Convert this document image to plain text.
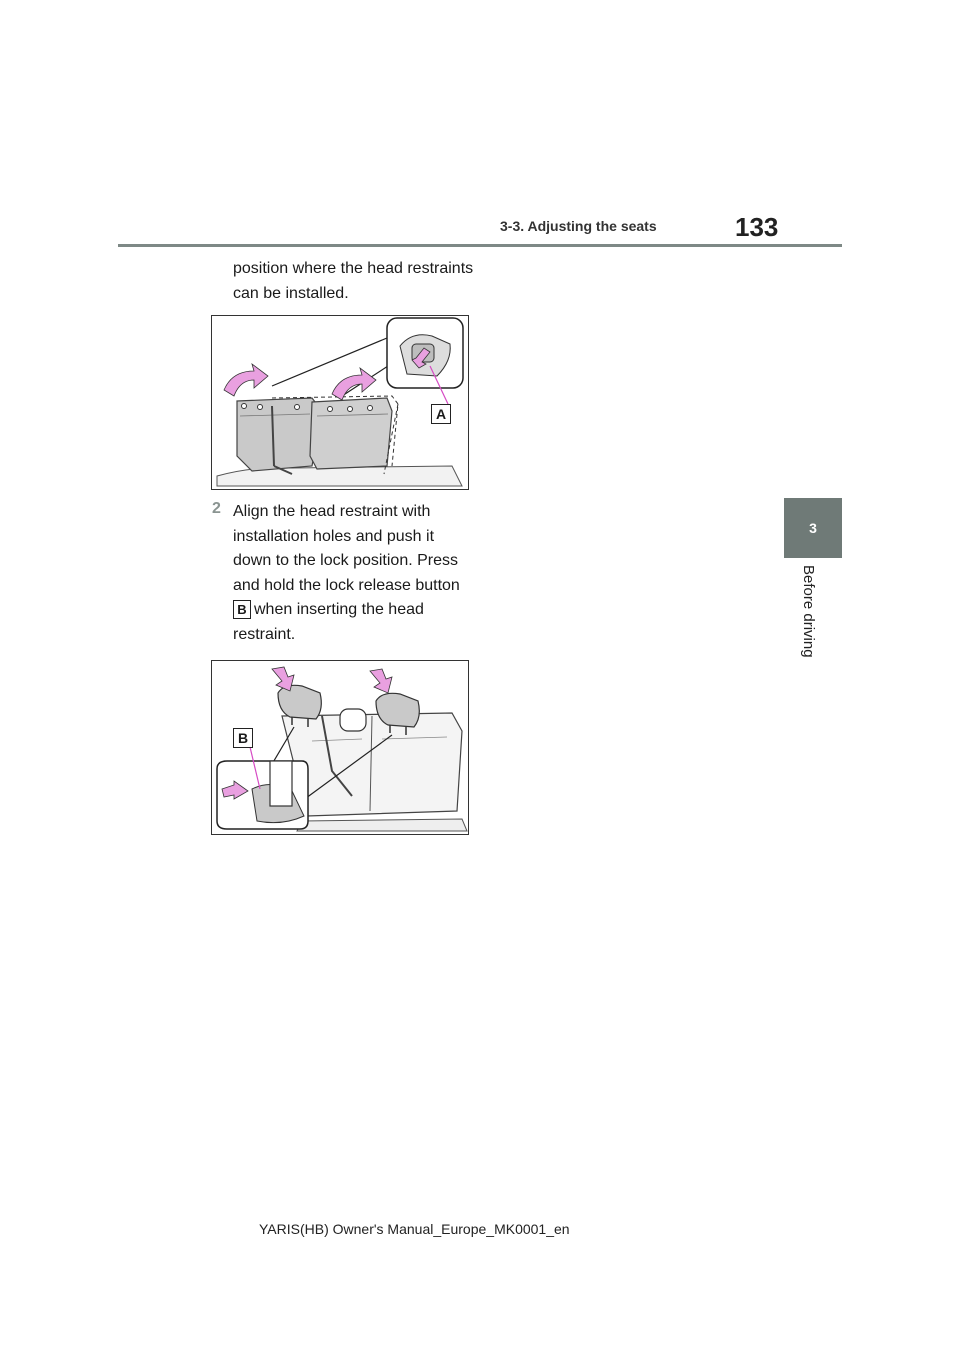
3-3. Adjusting the seats	133
3
Before driving
position where the head restraints can be installed.
A
2 Align the head restraint with installation holes and push it down to the lock position. Press and hold the lock release button
B when inserting the head restraint.
B
YARIS(HB) Owner's Manual_Europe_MK0001_en
